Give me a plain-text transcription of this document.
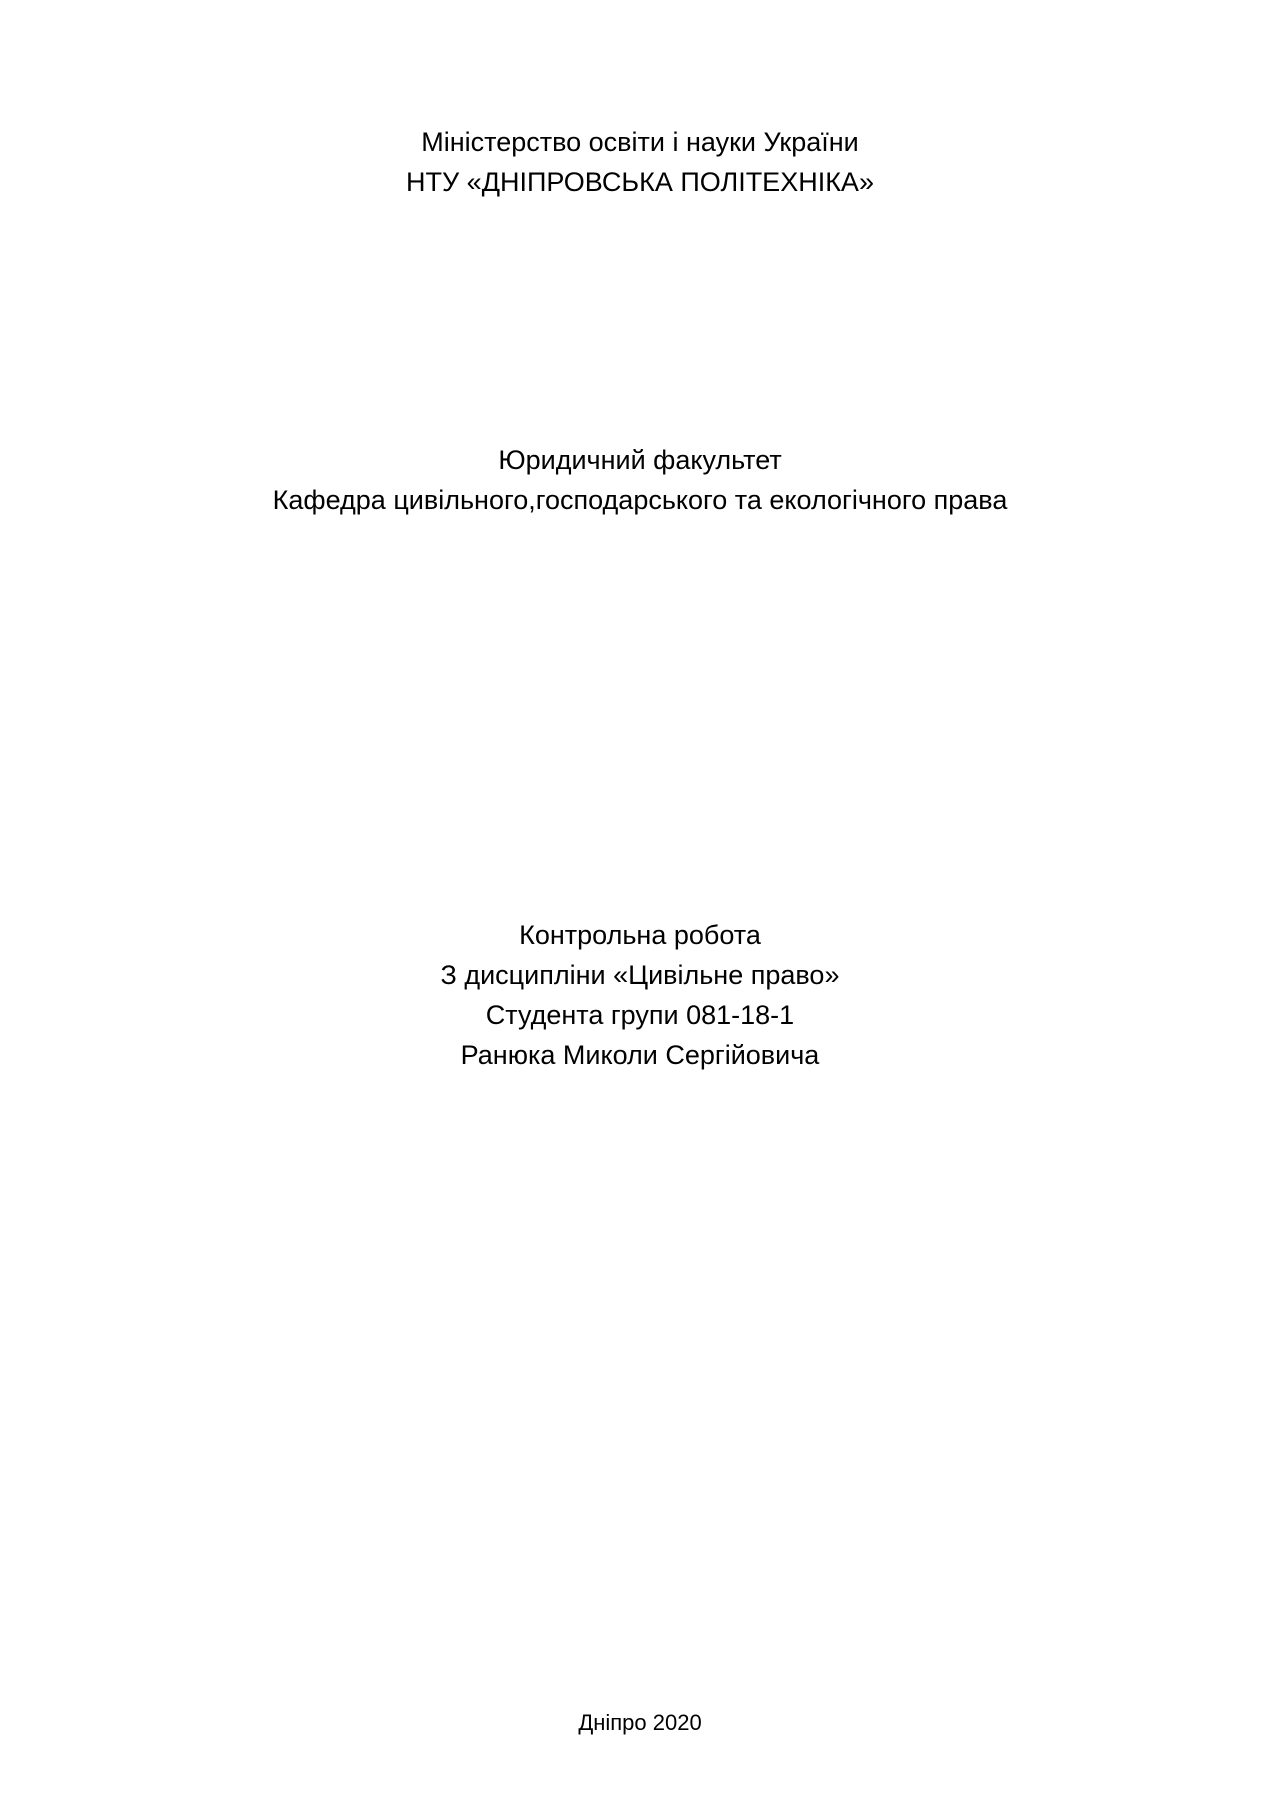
Міністерство освіти і науки України
НТУ «ДНІПРОВСЬКА ПОЛІТЕХНІКА»
Юридичний факультет
Кафедра цивільного,господарського та екологічного права
Контрольна робота
З дисципліни «Цивільне право»
Студента групи 081-18-1
Ранюка Миколи Сергійовича
Дніпро 2020
